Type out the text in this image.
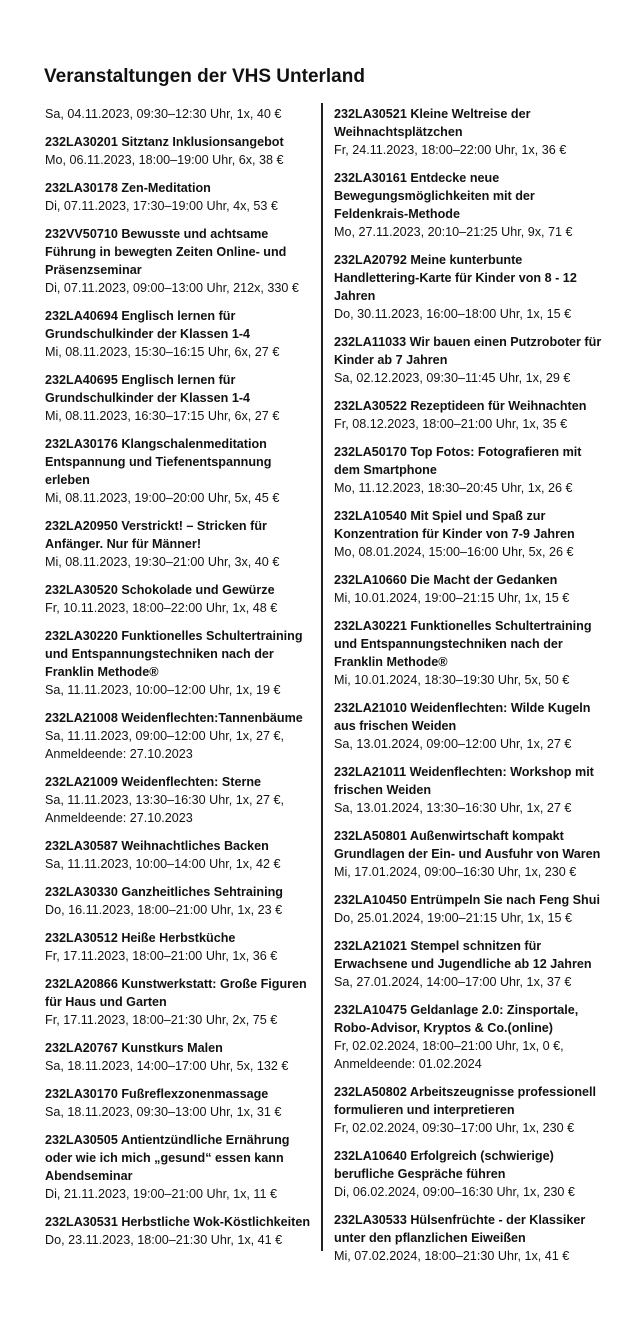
Veranstaltungen der VHS Unterland
Sa, 04.11.2023, 09:30–12:30 Uhr, 1x, 40 €
232LA30201 Sitztanz Inklusionsangebot
Mo, 06.11.2023, 18:00–19:00 Uhr, 6x, 38 €
232LA30178 Zen-Meditation
Di, 07.11.2023, 17:30–19:00 Uhr, 4x, 53 €
232VV50710 Bewusste und achtsame Führung in bewegten Zeiten Online- und Präsenzseminar
Di, 07.11.2023, 09:00–13:00 Uhr, 212x, 330 €
232LA40694 Englisch lernen für Grundschulkinder der Klassen 1-4
Mi, 08.11.2023, 15:30–16:15 Uhr, 6x, 27 €
232LA40695 Englisch lernen für Grundschulkinder der Klassen 1-4
Mi, 08.11.2023, 16:30–17:15 Uhr, 6x, 27 €
232LA30176 Klangschalenmeditation Entspannung und Tiefenentspannung erleben
Mi, 08.11.2023, 19:00–20:00 Uhr, 5x, 45 €
232LA20950 Verstrickt! – Stricken für Anfänger. Nur für Männer!
Mi, 08.11.2023, 19:30–21:00 Uhr, 3x, 40 €
232LA30520 Schokolade und Gewürze
Fr, 10.11.2023, 18:00–22:00 Uhr, 1x, 48 €
232LA30220 Funktionelles Schultertraining und Entspannungstechniken nach der Franklin Methode®
Sa, 11.11.2023, 10:00–12:00 Uhr, 1x, 19 €
232LA21008 Weidenflechten:Tannenbäume
Sa, 11.11.2023, 09:00–12:00 Uhr, 1x, 27 €,
Anmeldeende: 27.10.2023
232LA21009 Weidenflechten: Sterne
Sa, 11.11.2023, 13:30–16:30 Uhr, 1x, 27 €,
Anmeldeende: 27.10.2023
232LA30587 Weihnachtliches Backen
Sa, 11.11.2023, 10:00–14:00 Uhr, 1x, 42 €
232LA30330 Ganzheitliches Sehtraining
Do, 16.11.2023, 18:00–21:00 Uhr, 1x, 23 €
232LA30512 Heiße Herbstküche
Fr, 17.11.2023, 18:00–21:00 Uhr, 1x, 36 €
232LA20866 Kunstwerkstatt: Große Figuren für Haus und Garten
Fr, 17.11.2023, 18:00–21:30 Uhr, 2x, 75 €
232LA20767 Kunstkurs Malen
Sa, 18.11.2023, 14:00–17:00 Uhr, 5x, 132 €
232LA30170 Fußreflexzonenmassage
Sa, 18.11.2023, 09:30–13:00 Uhr, 1x, 31 €
232LA30505 Antientzündliche Ernährung oder wie ich mich „gesund“ essen kann Abendseminar
Di, 21.11.2023, 19:00–21:00 Uhr, 1x, 11 €
232LA30531 Herbstliche Wok-Köstlichkeiten
Do, 23.11.2023, 18:00–21:30 Uhr, 1x, 41 €
232LA30521 Kleine Weltreise der Weihnachtsplätzchen
Fr, 24.11.2023, 18:00–22:00 Uhr, 1x, 36 €
232LA30161 Entdecke neue Bewegungsmöglichkeiten mit der Feldenkrais-Methode
Mo, 27.11.2023, 20:10–21:25 Uhr, 9x, 71 €
232LA20792 Meine kunterbunte Handlettering-Karte für Kinder von 8 - 12 Jahren
Do, 30.11.2023, 16:00–18:00 Uhr, 1x, 15 €
232LA11033 Wir bauen einen Putzroboter für Kinder ab 7 Jahren
Sa, 02.12.2023, 09:30–11:45 Uhr, 1x, 29 €
232LA30522 Rezeptideen für Weihnachten
Fr, 08.12.2023, 18:00–21:00 Uhr, 1x, 35 €
232LA50170 Top Fotos: Fotografieren mit dem Smartphone
Mo, 11.12.2023, 18:30–20:45 Uhr, 1x, 26 €
232LA10540 Mit Spiel und Spaß zur Konzentration für Kinder von 7-9 Jahren
Mo, 08.01.2024, 15:00–16:00 Uhr, 5x, 26 €
232LA10660 Die Macht der Gedanken
Mi, 10.01.2024, 19:00–21:15 Uhr, 1x, 15 €
232LA30221 Funktionelles Schultertraining und Entspannungstechniken nach der Franklin Methode®
Mi, 10.01.2024, 18:30–19:30 Uhr, 5x, 50 €
232LA21010 Weidenflechten: Wilde Kugeln aus frischen Weiden
Sa, 13.01.2024, 09:00–12:00 Uhr, 1x, 27 €
232LA21011 Weidenflechten: Workshop mit frischen Weiden
Sa, 13.01.2024, 13:30–16:30 Uhr, 1x, 27 €
232LA50801 Außenwirtschaft kompakt Grundlagen der Ein- und Ausfuhr von Waren
Mi, 17.01.2024, 09:00–16:30 Uhr, 1x, 230 €
232LA10450 Entrümpeln Sie nach Feng Shui
Do, 25.01.2024, 19:00–21:15 Uhr, 1x, 15 €
232LA21021 Stempel schnitzen für Erwachsene und Jugendliche ab 12 Jahren
Sa, 27.01.2024, 14:00–17:00 Uhr, 1x, 37 €
232LA10475 Geldanlage 2.0: Zinsportale, Robo-Advisor, Kryptos & Co.(online)
Fr, 02.02.2024, 18:00–21:00 Uhr, 1x, 0 €,
Anmeldeende: 01.02.2024
232LA50802 Arbeitszeugnisse professionell formulieren und interpretieren
Fr, 02.02.2024, 09:30–17:00 Uhr, 1x, 230 €
232LA10640 Erfolgreich (schwierige) berufliche Gespräche führen
Di, 06.02.2024, 09:00–16:30 Uhr, 1x, 230 €
232LA30533 Hülsenfrüchte - der Klassiker unter den pflanzlichen Eiweißen
Mi, 07.02.2024, 18:00–21:30 Uhr, 1x, 41 €
